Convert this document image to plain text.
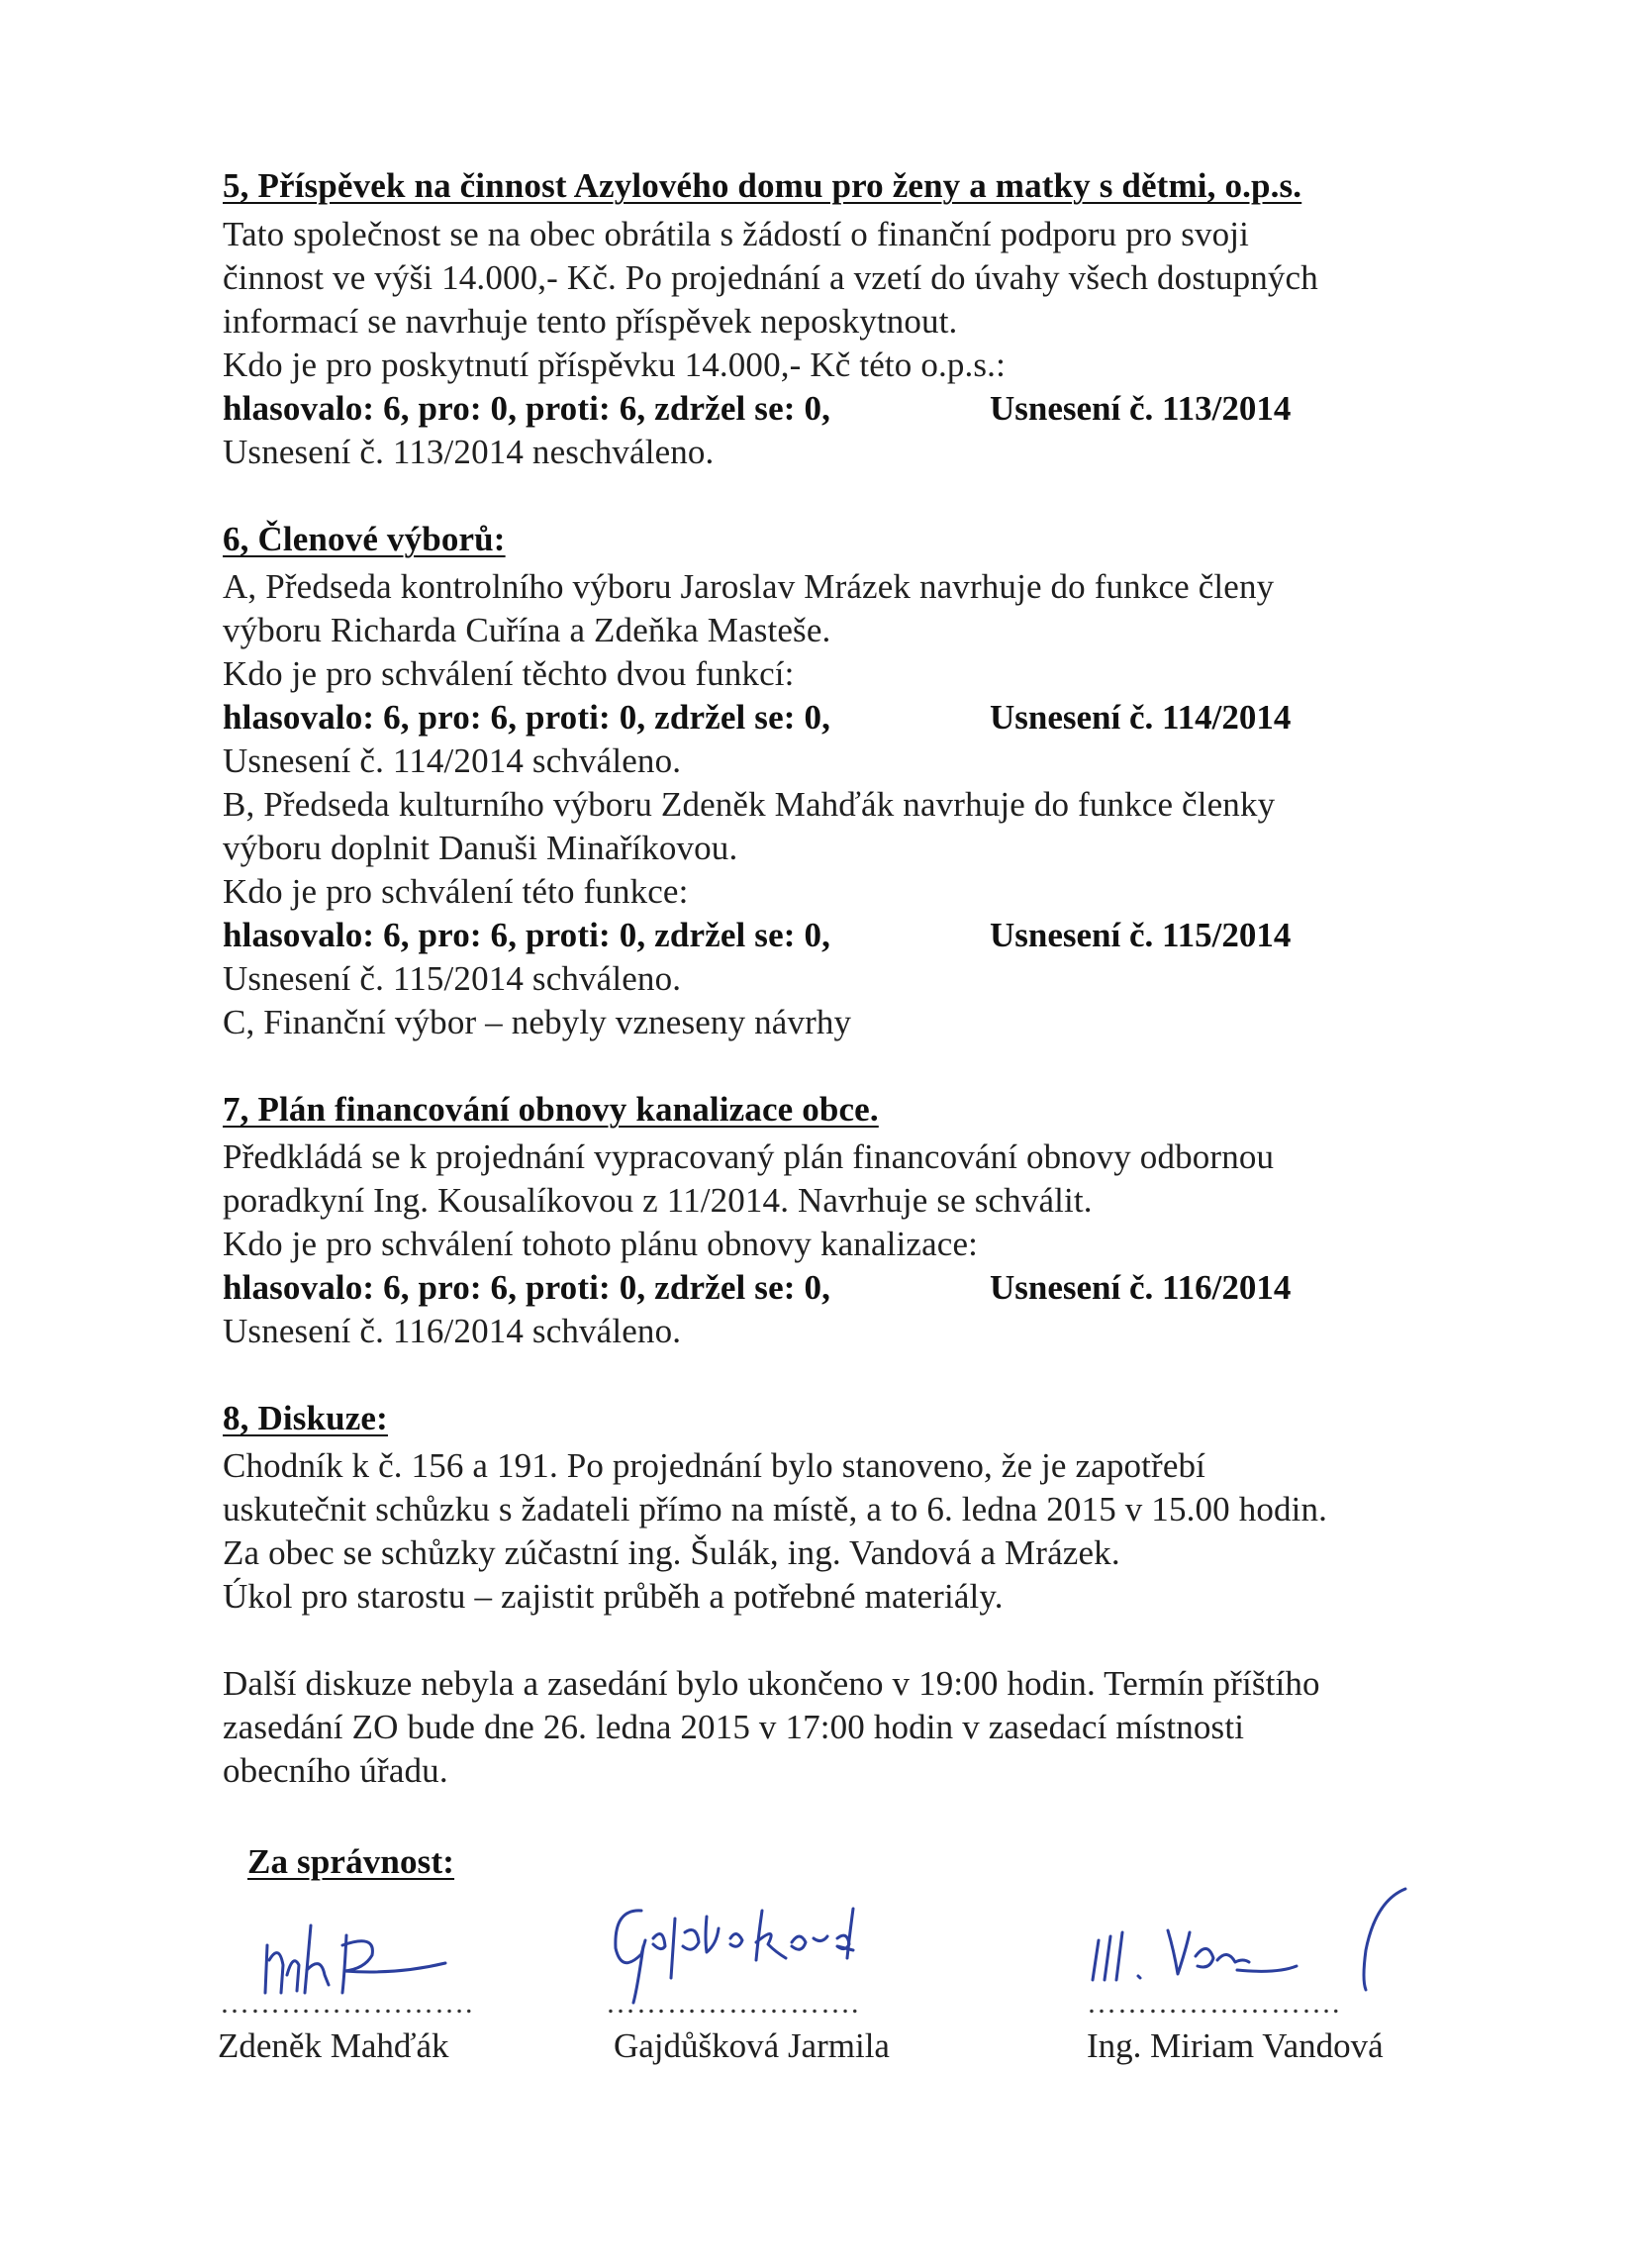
5, Příspěvek na činnost Azylového domu pro ženy a matky s dětmi, o.p.s.
Tato společnost se na obec obrátila s žádostí o finanční podporu pro svoji
činnost ve výši 14.000,- Kč. Po projednání a vzetí do úvahy všech dostupných
informací se navrhuje tento příspěvek neposkytnout.
Kdo je pro poskytnutí příspěvku 14.000,- Kč této o.p.s.:
hlasovalo: 6, pro: 0, proti: 6, zdržel se: 0,	Usnesení č. 113/2014
Usnesení č. 113/2014 neschváleno.
6, Členové výborů:
A, Předseda kontrolního výboru Jaroslav Mrázek navrhuje do funkce členy
výboru Richarda Cuřína a Zdeňka Masteše.
Kdo je pro schválení těchto dvou funkcí:
hlasovalo: 6, pro: 6, proti: 0, zdržel se: 0,	Usnesení č. 114/2014
Usnesení č. 114/2014 schváleno.
B, Předseda kulturního výboru Zdeněk Mahďák navrhuje do funkce členky
výboru doplnit Danuši Minaříkovou.
Kdo je pro schválení této funkce:
hlasovalo: 6, pro: 6, proti: 0, zdržel se: 0,	Usnesení č. 115/2014
Usnesení č. 115/2014 schváleno.
C, Finanční výbor – nebyly vzneseny návrhy
7, Plán financování obnovy kanalizace obce.
Předkládá se k projednání vypracovaný plán financování obnovy odbornou
poradkyní Ing. Kousalíkovou z 11/2014. Navrhuje se schválit.
Kdo je pro schválení tohoto plánu obnovy kanalizace:
hlasovalo: 6, pro: 6, proti: 0, zdržel se: 0,	Usnesení č. 116/2014
Usnesení č. 116/2014 schváleno.
8, Diskuze:
Chodník k č. 156 a 191. Po projednání bylo stanoveno, že je zapotřebí
uskutečnit schůzku s žadateli přímo na místě, a to 6. ledna 2015 v 15.00 hodin.
Za obec se schůzky zúčastní ing. Šulák, ing. Vandová a Mrázek.
Úkol pro starostu – zajistit průběh a potřebné materiály.
Další diskuze nebyla a zasedání bylo ukončeno v 19:00 hodin. Termín příštího
zasedání ZO bude dne 26. ledna 2015 v 17:00 hodin v zasedací místnosti
obecního úřadu.
Za správnost:
…………………….
Zdeněk Mahďák
…………………….
Gajdůšková Jarmila
…………………….
Ing. Miriam Vandová
